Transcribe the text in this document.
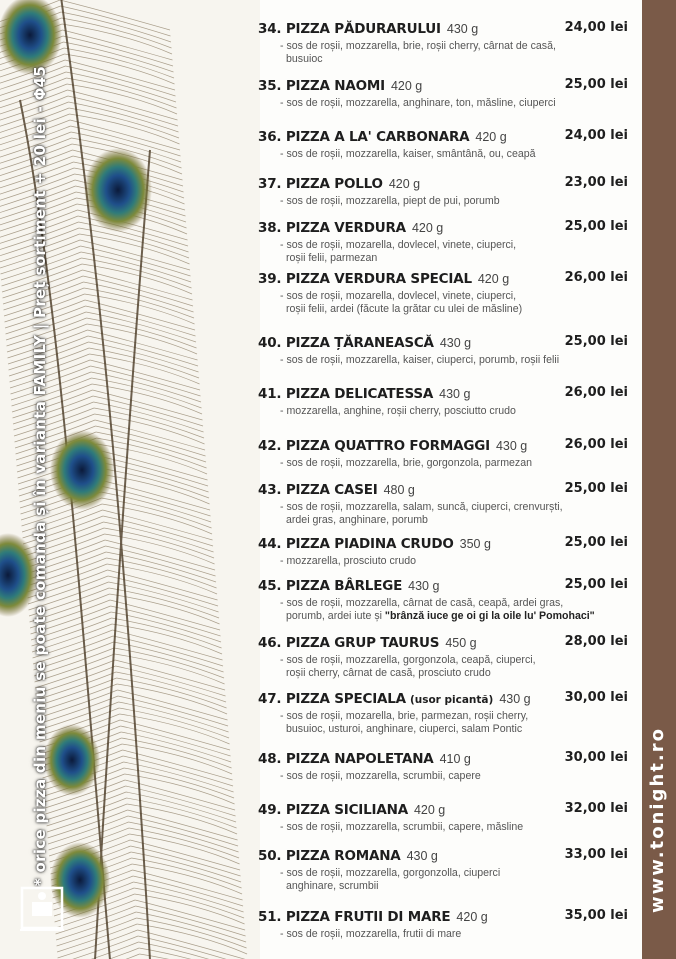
* orice pizza din meniu se poate comanda și în varianta FAMILY | Preț sortiment + 20 lei - Φ45	www.tonight.ro
34. PIZZA PĂDURARULUI 430 g	24,00 lei
- sos de roșii, mozzarella, brie, roșii cherry, cârnat de casă,
busuioc
35. PIZZA NAOMI 420 g	25,00 lei
- sos de roșii, mozzarella, anghinare, ton, măsline, ciuperci
36. PIZZA A LA' CARBONARA 420 g	24,00 lei
- sos de roșii, mozzarella, kaiser, smântână, ou, ceapă
37. PIZZA POLLO 420 g	23,00 lei
- sos de roșii, mozzarella, piept de pui, porumb
38. PIZZA VERDURA 420 g	25,00 lei
- sos de roșii, mozarella, dovlecel, vinete, ciuperci,
roșii felii, parmezan
39. PIZZA VERDURA SPECIAL 420 g	26,00 lei
- sos de roșii, mozarella, dovlecel, vinete, ciuperci,
roșii felii, ardei (făcute la grătar cu ulei de măsline)
40. PIZZA ȚĂRANEASCĂ 430 g	25,00 lei
- sos de roșii, mozzarella, kaiser, ciuperci, porumb, roșii felii
41. PIZZA DELICATESSA 430 g	26,00 lei
- mozzarella, anghine, roșii cherry, posciutto crudo
42. PIZZA QUATTRO FORMAGGI 430 g	26,00 lei
- sos de roșii, mozzarella, brie, gorgonzola, parmezan
43. PIZZA CASEI 480 g	25,00 lei
- sos de roșii, mozzarella, salam, suncă, ciuperci, crenvurști,
ardei gras, anghinare, porumb
44. PIZZA PIADINA CRUDO 350 g	25,00 lei
- mozzarella, prosciuto crudo
45. PIZZA BÂRLEGE 430 g	25,00 lei
- sos de roșii, mozzarella, cârnat de casă, ceapă, ardei gras,
porumb, ardei iute și "brânză iuce ge oi gi la oile lu' Pomohaci"
46. PIZZA GRUP TAURUS 450 g	28,00 lei
- sos de roșii, mozzarella, gorgonzola, ceapă, ciuperci,
roșii cherry, cârnat de casă, prosciuto crudo
47. PIZZA SPECIALA (usor picantă) 430 g	30,00 lei
- sos de roșii, mozarella, brie, parmezan, roșii cherry,
busuioc, usturoi, anghinare, ciuperci, salam Pontic
48. PIZZA NAPOLETANA 410 g	30,00 lei
- sos de roșii, mozzarella, scrumbii, capere
49. PIZZA SICILIANA 420 g	32,00 lei
- sos de roșii, mozzarella, scrumbii, capere, măsline
50. PIZZA ROMANA 430 g	33,00 lei
- sos de roșii, mozzarella, gorgonzolla, ciuperci
anghinare, scrumbii
51. PIZZA FRUTII DI MARE 420 g	35,00 lei
- sos de roșii, mozzarella, frutii di mare
